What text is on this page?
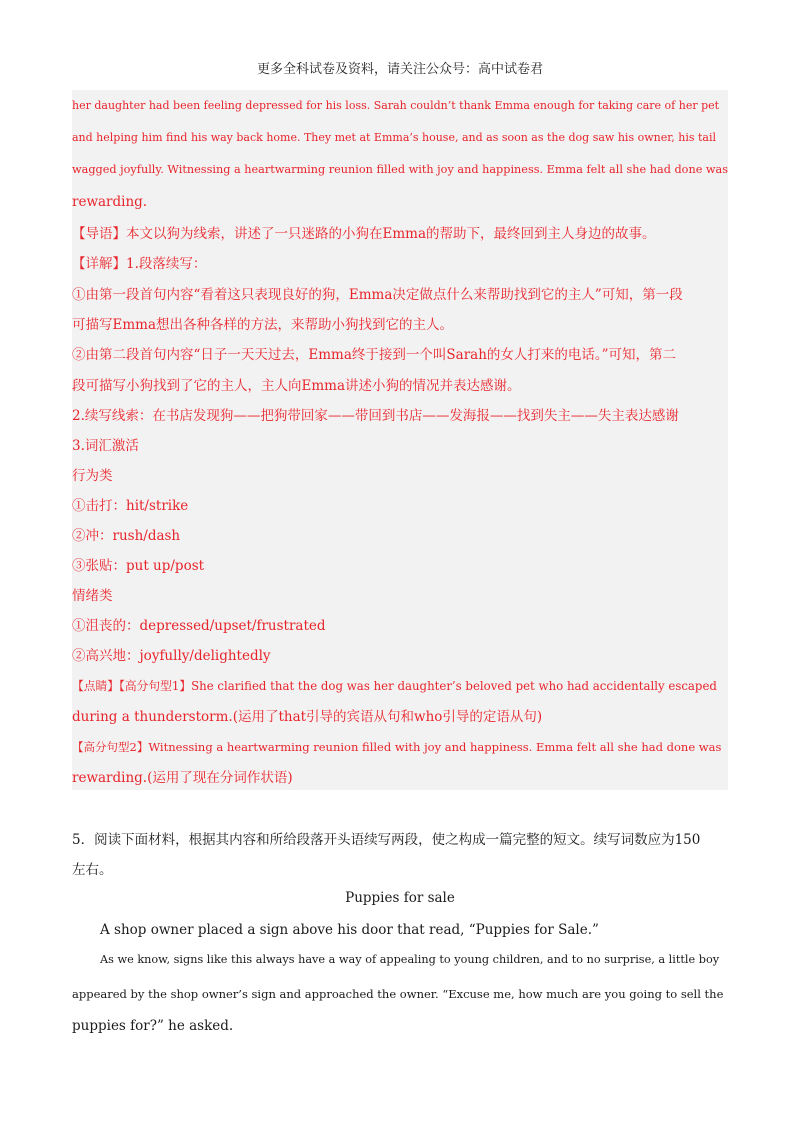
更多全科试卷及资料，请关注公众号：高中试卷君
her daughter had been feeling depressed for his loss. Sarah couldn’t thank Emma enough for taking care of her pet
and helping him find his way back home. They met at Emma’s house, and as soon as the dog saw his owner, his tail
wagged joyfully. Witnessing a heartwarming reunion filled with joy and happiness. Emma felt all she had done was
rewarding.
【导语】本文以狗为线索，讲述了一只迷路的小狗在Emma的帮助下，最终回到主人身边的故事。
【详解】1.段落续写：
①由第一段首句内容“看着这只表现良好的狗，Emma决定做点什么来帮助找到它的主人”可知，第一段
可描写Emma想出各种各样的方法，来帮助小狗找到它的主人。
②由第二段首句内容“日子一天天过去，Emma终于接到一个叫Sarah的女人打来的电话。”可知，第二
段可描写小狗找到了它的主人，主人向Emma讲述小狗的情况并表达感谢。
2.续写线索：在书店发现狗——把狗带回家——带回到书店——发海报——找到失主——失主表达感谢
3.词汇激活
行为类
①击打：hit/strike
②冲：rush/dash
③张贴：put up/post
情绪类
①沮丧的：depressed/upset/frustrated
②高兴地：joyfully/delightedly
【点睛】【高分句型1】She clarified that the dog was her daughter’s beloved pet who had accidentally escaped
during a thunderstorm.(运用了that引导的宾语从句和who引导的定语从句)
【高分句型2】Witnessing a heartwarming reunion filled with joy and happiness. Emma felt all she had done was
rewarding.(运用了现在分词作状语)
5．阅读下面材料，根据其内容和所给段落开头语续写两段，使之构成一篇完整的短文。续写词数应为150
左右。
Puppies for sale
A shop owner placed a sign above his door that read, “Puppies for Sale.”
As we know, signs like this always have a way of appealing to young children, and to no surprise, a little boy
appeared by the shop owner’s sign and approached the owner. “Excuse me, how much are you going to sell the
puppies for?” he asked.
